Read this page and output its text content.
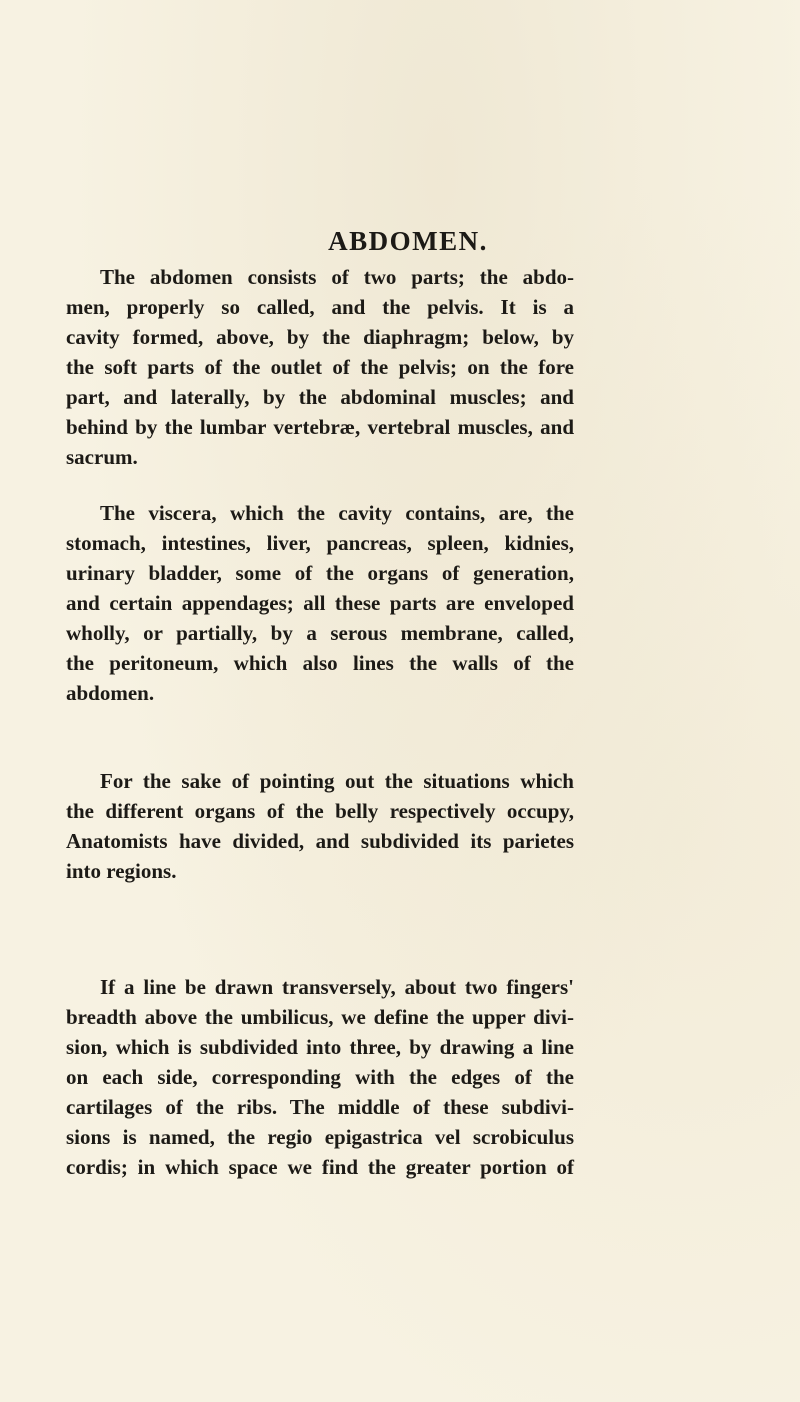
ABDOMEN.
The abdomen consists of two parts; the abdo-
men, properly so called, and the pelvis. It is a
cavity formed, above, by the diaphragm; below, by
the soft parts of the outlet of the pelvis; on the fore
part, and laterally, by the abdominal muscles; and
behind by the lumbar vertebræ, vertebral muscles, and
sacrum.
The viscera, which the cavity contains, are, the
stomach, intestines, liver, pancreas, spleen, kidnies,
urinary bladder, some of the organs of generation,
and certain appendages; all these parts are enveloped
wholly, or partially, by a serous membrane, called,
the peritoneum, which also lines the walls of the
abdomen.
For the sake of pointing out the situations which
the different organs of the belly respectively occupy,
Anatomists have divided, and subdivided its parietes
into regions.
If a line be drawn transversely, about two fingers'
breadth above the umbilicus, we define the upper divi-
sion, which is subdivided into three, by drawing a line
on each side, corresponding with the edges of the
cartilages of the ribs. The middle of these subdivi-
sions is named, the regio epigastrica vel scrobiculus
cordis; in which space we find the greater portion of
